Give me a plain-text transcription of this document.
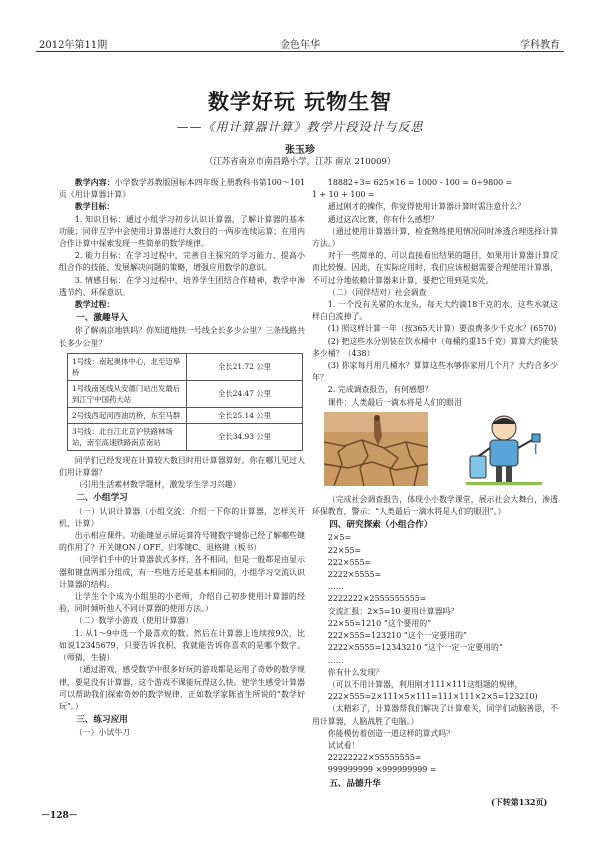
2012年第11期	金色年华	学科教育
数学好玩 玩物生智
——《用计算器计算》教学片段设计与反思
张玉珍
（江苏省南京市南昌路小学，江苏 南京 210009）

教学内容：小学数学苏教版国标本四年级上册教科书第100～101页《用计算器计算》

教学目标：

1. 知识目标：通过小组学习初步认识计算器，了解计算器的基本功能；同伴互学中会使用计算器进行大数目的一两步连续运算；在用内合作计算中探索发现一些简单的数学规律。

2. 能力目标：在学习过程中，完善自主探究的学习能力、提高小组合作的技能、发展解决问题的策略，增强应用数学的意识。

3. 情感目标：在学习过程中，培养学生团结合作精神，教学中渗透节约、环保意识。

教学过程：

一、激趣导入

你了解南京地铁吗？你知道地铁一号线全长多少公里？三条线路共长多少公里？

1号线：南起奥体中心，北至迈皋桥	全长21.72 公里
1号线南延线从安德门站出发最后到江宁中国药大站	全长24.47 公里
2号线西起河西油坊桥，东至马群	全长25.14 公里
3号线：北自江北京沪铁路林场站，南至高速铁路南京南站	全长34.93 公里

同学们已经发现在计算较大数目时用计算器算好。你在哪儿见过人们用计算器？

（引用生活素材数学题材，激发学生学习兴趣）

二、小组学习

（一）认识计算器（小组交流：介绍一下你的计算器，怎样关开机、计算）

出示相应课件。功能键显示屏运算符号键数字键你已经了解哪些键的作用了？开关键ON / OFF、归零键C、退格键（板书）

（同学们手中的计算器款式多样，各不相同，但是一般都是由显示器和键盘两部分组成，有一些地方还是基本相同的，小组学习交流认识计算器的结构。

让学生个个成为小组里的小老师，介绍自己初步使用计算器的经验，同时倾听他人不同计算器的使用方法。）

（二）数学小游戏（使用计算器）

1. 从1～9中选一个最喜欢的数。然后在计算器上连续按9次，比如说12345679，只要告诉我积，我就能告诉你喜欢的是哪个数字。（师猜，生猜）

（通过游戏，感受数学中很多好玩的游戏都是运用了奇妙的数学规律，要是没有计算器，这个游戏不课能玩得这么快。使学生感受计算器可以帮助我们探索奇妙的数学规律，正如数学家陈省生所说的“数学好玩”。）

三、练习应用

（一）小试牛刀

18882÷3= 625×16 = 1000 - 100 = 0÷9800 =

1 + 10 + 100 =

通过刚才的操作，你觉得使用计算器计算时需注意什么？

通过这次比赛，你有什么感想？

（通过使用计算器计算，检查熟练使用情况同时渗透合理选择计算方法。）

对于一些简单的、可以直接看出结果的题目，如果用计算器计算反而比较慢。因此，在实际应用时，我们应该根据需要合理使用计算器，不可过分地依赖计算器来计算，要把它用到是实处。

（二）（同伴结对）社会调查

1. 一个没有关紧的水龙头，每天大约滴18千克的水，这些水就这样白白流掉了。

(1) 照这样计算一年（按365天计算）要浪费多少千克水？(6570)

(2) 把这些水分别装在饮水桶中（每桶约重15千克）算算大约能装多少桶？（438）

(3) 你家每月用几桶水？算算这些水够你家用几个月？大约合多少年？

2. 完成调查报告，有何感想？

课件：人类最后一滴水将是人们的眼泪

（完成社会调查报告，体现小小数学课堂，展示社会大舞台，渗透环保教育，警示：“人类最后一滴水将是人们的眼泪”。）

四、研究探索（小组合作）

2×5=

22×55=

222×555=

2222×5555=

……

2222222×2555555555=

交流汇报：2×5=10 要用计算器吗？

22×55=1210 “这个要用的”

222×555=123210 “这个一定要用的”

2222×5555=12343210 “这个一定一定要用的”

……

你有什么发现？

（可以不用计算器，利用刚才111×111这组题的规律，

222×555=2×111×5×111=111×111×2×5=123210)

（太精彩了，计算器帮我们解决了计算难关，同学们动脑善思，不用计算器，人脑战胜了电脑。）

你能模仿着创造一道这样的算式吗？

试试看！

22222222×55555555=

999999999 ×999999999 =

五、品德升华

(下转第132页)
－128－
